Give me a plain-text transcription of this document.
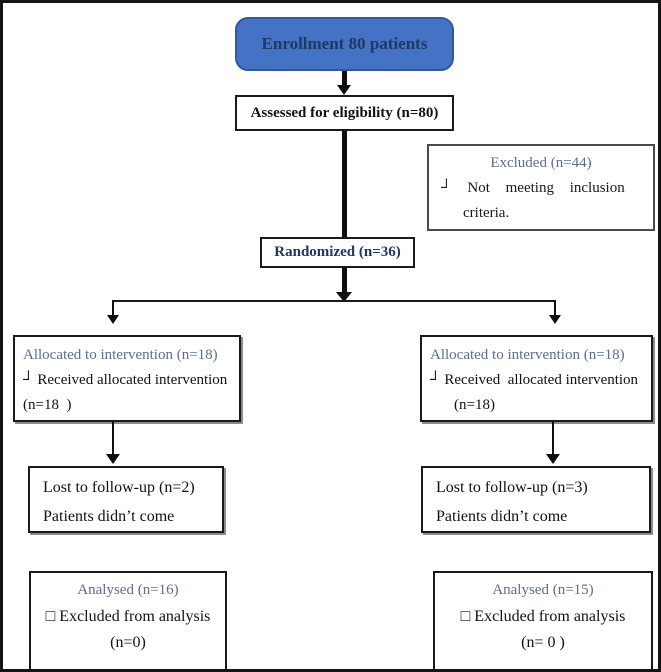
Enrollment 80 patients
Assessed for eligibility (n=80)
Excluded (n=44)
┘ Not meeting inclusion
criteria.
Randomized (n=36)
Allocated to intervention (n=18)
┘ Received allocated intervention
(n=18  )
Allocated to intervention (n=18)
┘ Received  allocated intervention
(n=18)
Lost to follow-up (n=2)
Patients didn’t come
Lost to follow-up (n=3)
Patients didn’t come
Analysed (n=16)
□ Excluded from analysis
(n=0)
Analysed (n=15)
□ Excluded from analysis
(n= 0 )
